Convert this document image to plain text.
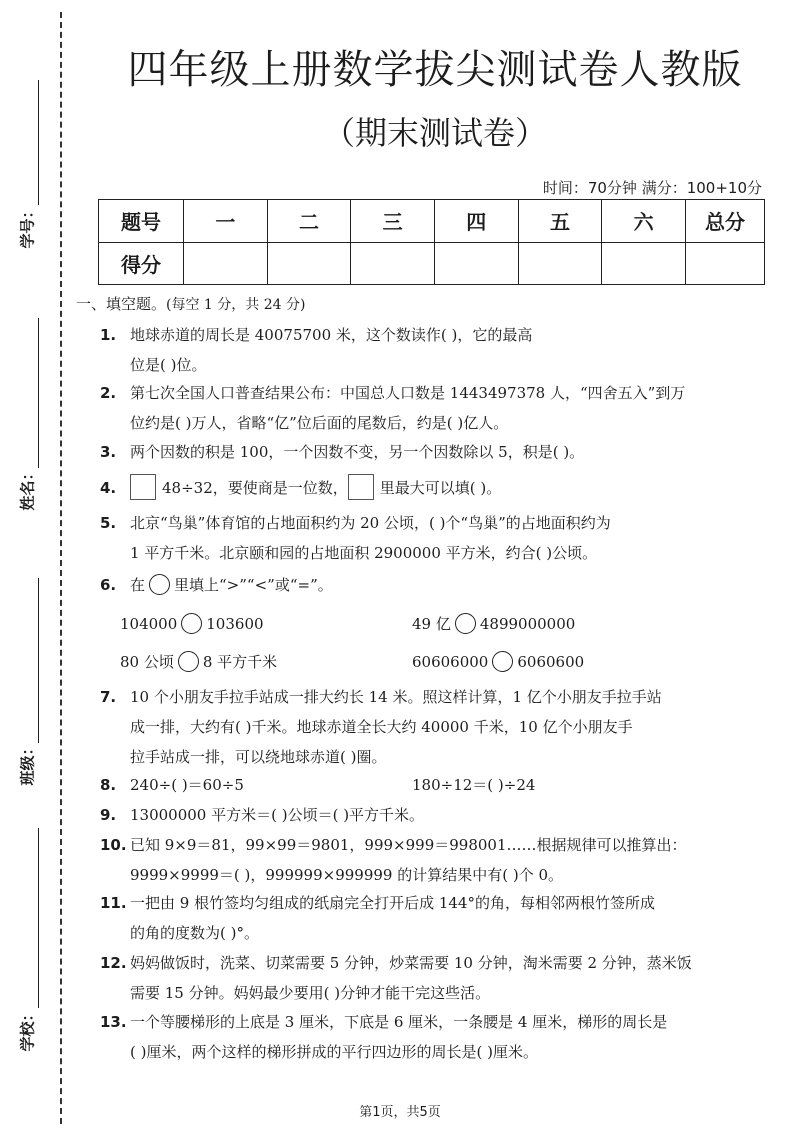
学号：
姓名：
班级：
学校：
四年级上册数学拔尖测试卷人教版
（期末测试卷）
时间：70分钟 满分：100+10分
题号	一	二	三	四	五	六	总分
得分							
一、填空题。(每空 1 分，共 24 分)
1. 地球赤道的周长是 40075700 米，这个数读作( )，它的最高
位是( )位。
2. 第七次全国人口普查结果公布：中国总人口数是 1443497378 人，“四舍五入”到万
位约是( )万人，省略“亿”位后面的尾数后，约是( )亿人。
3. 两个因数的积是 100，一个因数不变，另一个因数除以 5，积是( )。
4.	48÷32，要使商是一位数， 里最大可以填( )。
5. 北京“鸟巢”体育馆的占地面积约为 20 公顷，( )个“鸟巢”的占地面积约为
1 平方千米。北京颐和园的占地面积 2900000 平方米，约合( )公顷。
6. 在 里填上“>”“<”或“=”。
104000 103600	49 亿 4899000000
80 公顷 8 平方千米	60606000 6060600
7. 10 个小朋友手拉手站成一排大约长 14 米。照这样计算，1 亿个小朋友手拉手站
成一排，大约有( )千米。地球赤道全长大约 40000 千米，10 亿个小朋友手
拉手站成一排，可以绕地球赤道( )圈。
8. 240÷( )＝60÷5	180÷12＝( )÷24
9. 13000000 平方米＝( )公顷＝( )平方千米。
10. 已知 9×9＝81，99×99＝9801，999×999＝998001……根据规律可以推算出：
9999×9999＝( )，999999×999999 的计算结果中有( )个 0。
11. 一把由 9 根竹签均匀组成的纸扇完全打开后成 144°的角，每相邻两根竹签所成
的角的度数为( )°。
12. 妈妈做饭时，洗菜、切菜需要 5 分钟，炒菜需要 10 分钟，淘米需要 2 分钟，蒸米饭
需要 15 分钟。妈妈最少要用( )分钟才能干完这些活。
13. 一个等腰梯形的上底是 3 厘米，下底是 6 厘米，一条腰是 4 厘米，梯形的周长是
( )厘米，两个这样的梯形拼成的平行四边形的周长是( )厘米。
第1页，共5页
